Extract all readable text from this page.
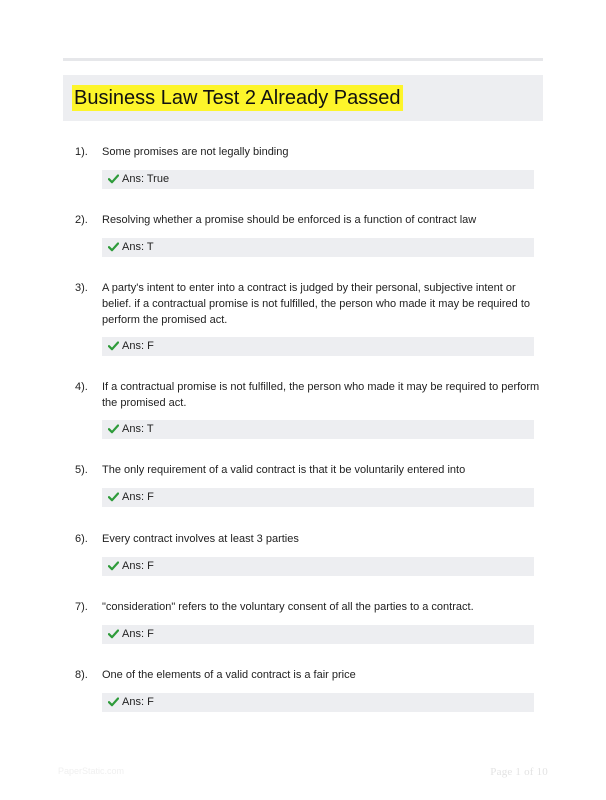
Business Law Test 2 Already Passed
1). Some promises are not legally binding
Ans: True
2). Resolving whether a promise should be enforced is a function of contract law
Ans: T
3). A party's intent to enter into a contract is judged by their personal, subjective intent or belief. if a contractual promise is not fulfilled, the person who made it may be required to perform the promised act.
Ans: F
4). If a contractual promise is not fulfilled, the person who made it may be required to perform the promised act.
Ans: T
5). The only requirement of a valid contract is that it be voluntarily entered into
Ans: F
6). Every contract involves at least 3 parties
Ans: F
7). "consideration" refers to the voluntary consent of all the parties to a contract.
Ans: F
8). One of the elements of a valid contract is a fair price
Ans: F
PaperStatic.com	Page 1 of 10
